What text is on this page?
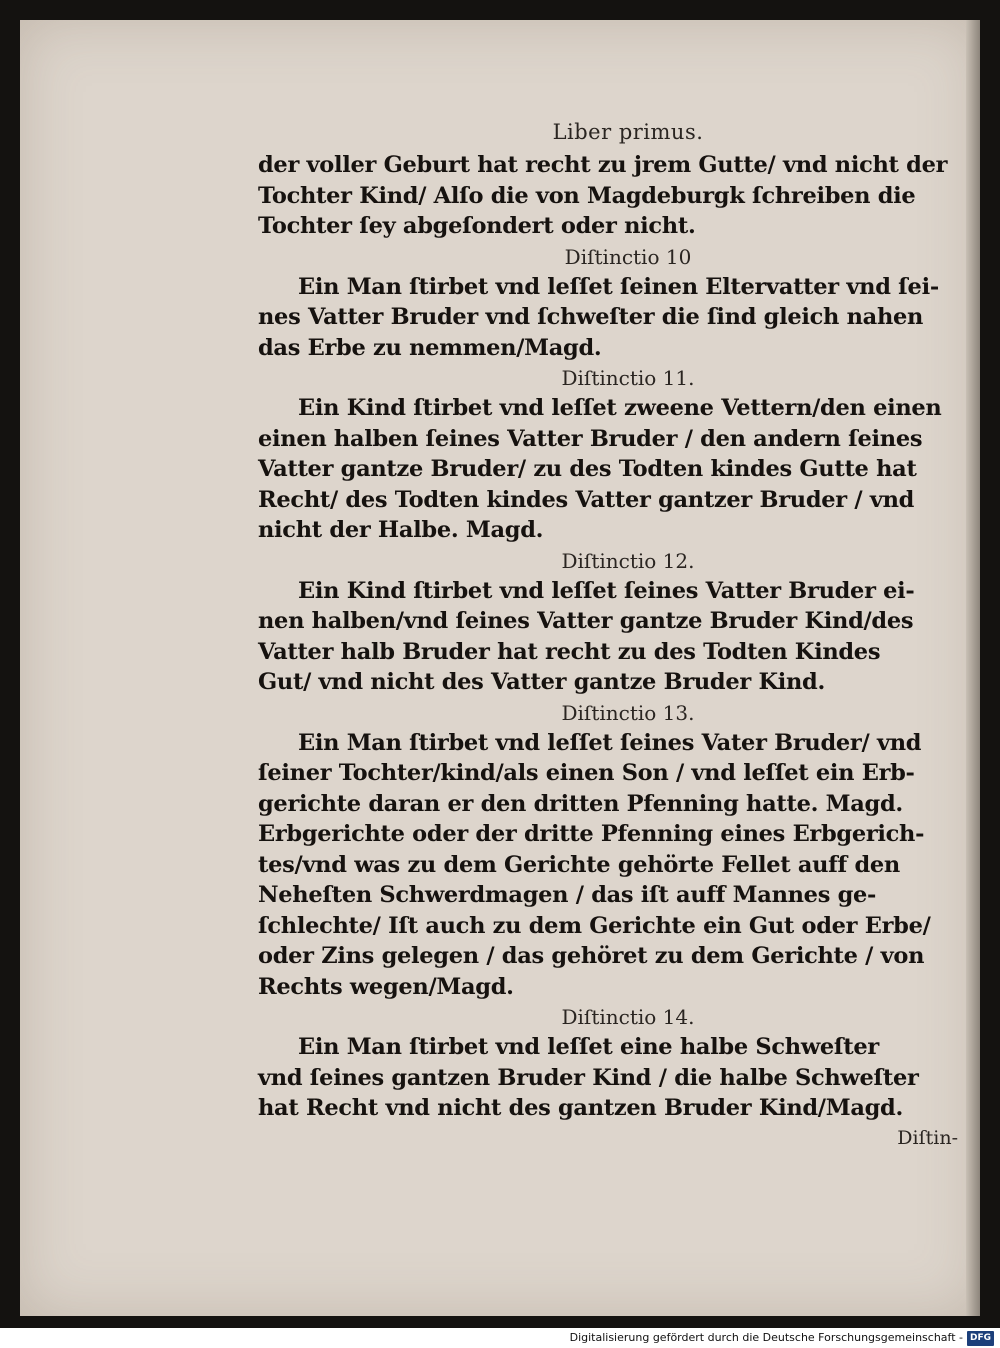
Liber primus.
der voller Geburt hat recht zu jrem Gutte/ vnd nicht der
Tochter Kind/ Alſo die von Magdeburgk ſchreiben die
Tochter ſey abgeſondert oder nicht.
Diſtinctio 10
Ein Man ſtirbet vnd leſſet ſeinen Eltervatter vnd ſei-
nes Vatter Bruder vnd ſchweſter die ſind gleich nahen
das Erbe zu nemmen/Magd.
Diſtinctio 11.
Ein Kind ſtirbet vnd leſſet zweene Vettern/den einen
einen halben ſeines Vatter Bruder / den andern ſeines
Vatter gantze Bruder/ zu des Todten kindes Gutte hat
Recht/ des Todten kindes Vatter gantzer Bruder / vnd
nicht der Halbe. Magd.
Diſtinctio 12.
Ein Kind ſtirbet vnd leſſet ſeines Vatter Bruder ei-
nen halben/vnd ſeines Vatter gantze Bruder Kind/des
Vatter halb Bruder hat recht zu des Todten Kindes
Gut/ vnd nicht des Vatter gantze Bruder Kind.
Diſtinctio 13.
Ein Man ſtirbet vnd leſſet ſeines Vater Bruder/ vnd
ſeiner Tochter/kind/als einen Son / vnd leſſet ein Erb-
gerichte daran er den dritten Pfenning hatte. Magd.
Erbgerichte oder der dritte Pfenning eines Erbgerich-
tes/vnd was zu dem Gerichte gehörte Fellet auff den
Neheſten Schwerdmagen / das iſt auff Mannes ge-
ſchlechte/ Iſt auch zu dem Gerichte ein Gut oder Erbe/
oder Zins gelegen / das gehöret zu dem Gerichte / von
Rechts wegen/Magd.
Diſtinctio 14.
Ein Man ſtirbet vnd leſſet eine halbe Schweſter
vnd ſeines gantzen Bruder Kind / die halbe Schweſter
hat Recht vnd nicht des gantzen Bruder Kind/Magd.
Diſtin-
Digitalisierung gefördert durch die Deutsche Forschungsgemeinschaft - DFG
